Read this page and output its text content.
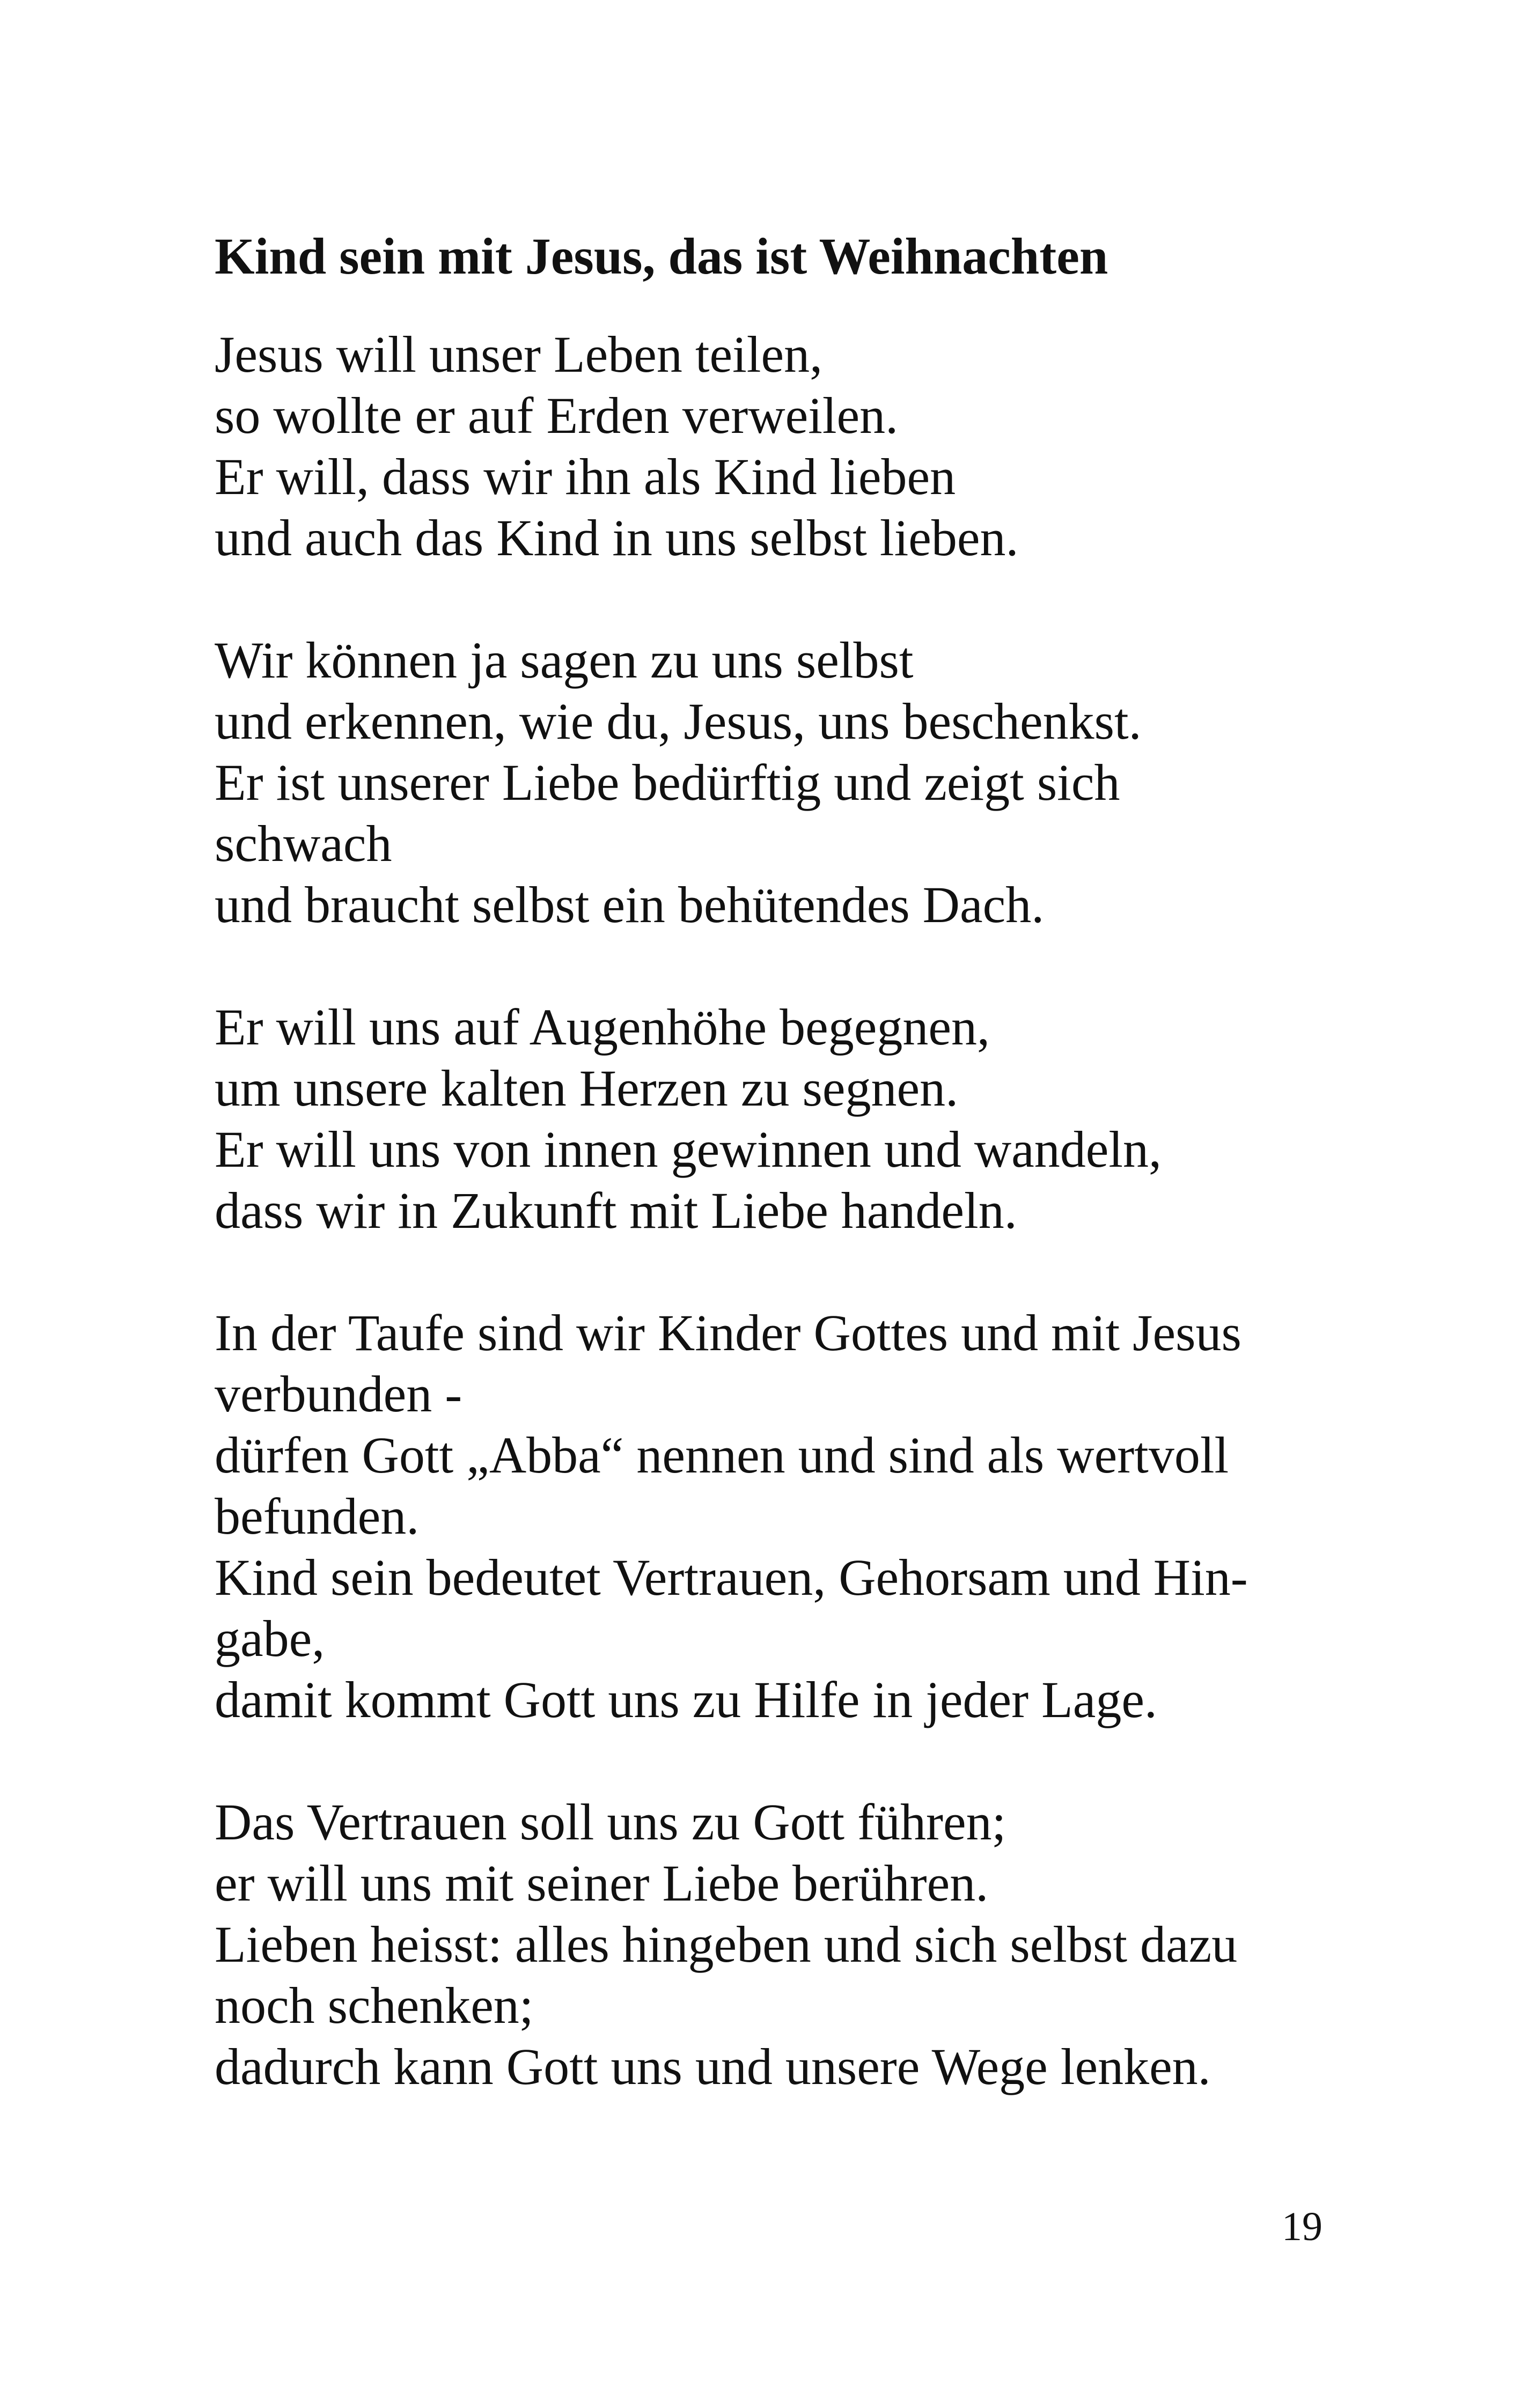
Kind sein mit Jesus, das ist Weihnachten

Jesus will unser Leben teilen,

so wollte er auf Erden verweilen.

Er will, dass wir ihn als Kind lieben

und auch das Kind in uns selbst lieben.

Wir können ja sagen zu uns selbst

und erkennen, wie du, Jesus, uns beschenkst.

Er ist unserer Liebe bedürftig und zeigt sich

schwach

und braucht selbst ein behütendes Dach.

Er will uns auf Augenhöhe begegnen,

um unsere kalten Herzen zu segnen.

Er will uns von innen gewinnen und wandeln,

dass wir in Zukunft mit Liebe handeln.

In der Taufe sind wir Kinder Gottes und mit Jesus

verbunden -

dürfen Gott „Abba“ nennen und sind als wertvoll

befunden.

Kind sein bedeutet Vertrauen, Gehorsam und Hin-

gabe,

damit kommt Gott uns zu Hilfe in jeder Lage.

Das Vertrauen soll uns zu Gott führen;

er will uns mit seiner Liebe berühren.

Lieben heisst: alles hingeben und sich selbst dazu

noch schenken;

dadurch kann Gott uns und unsere Wege lenken.

19
